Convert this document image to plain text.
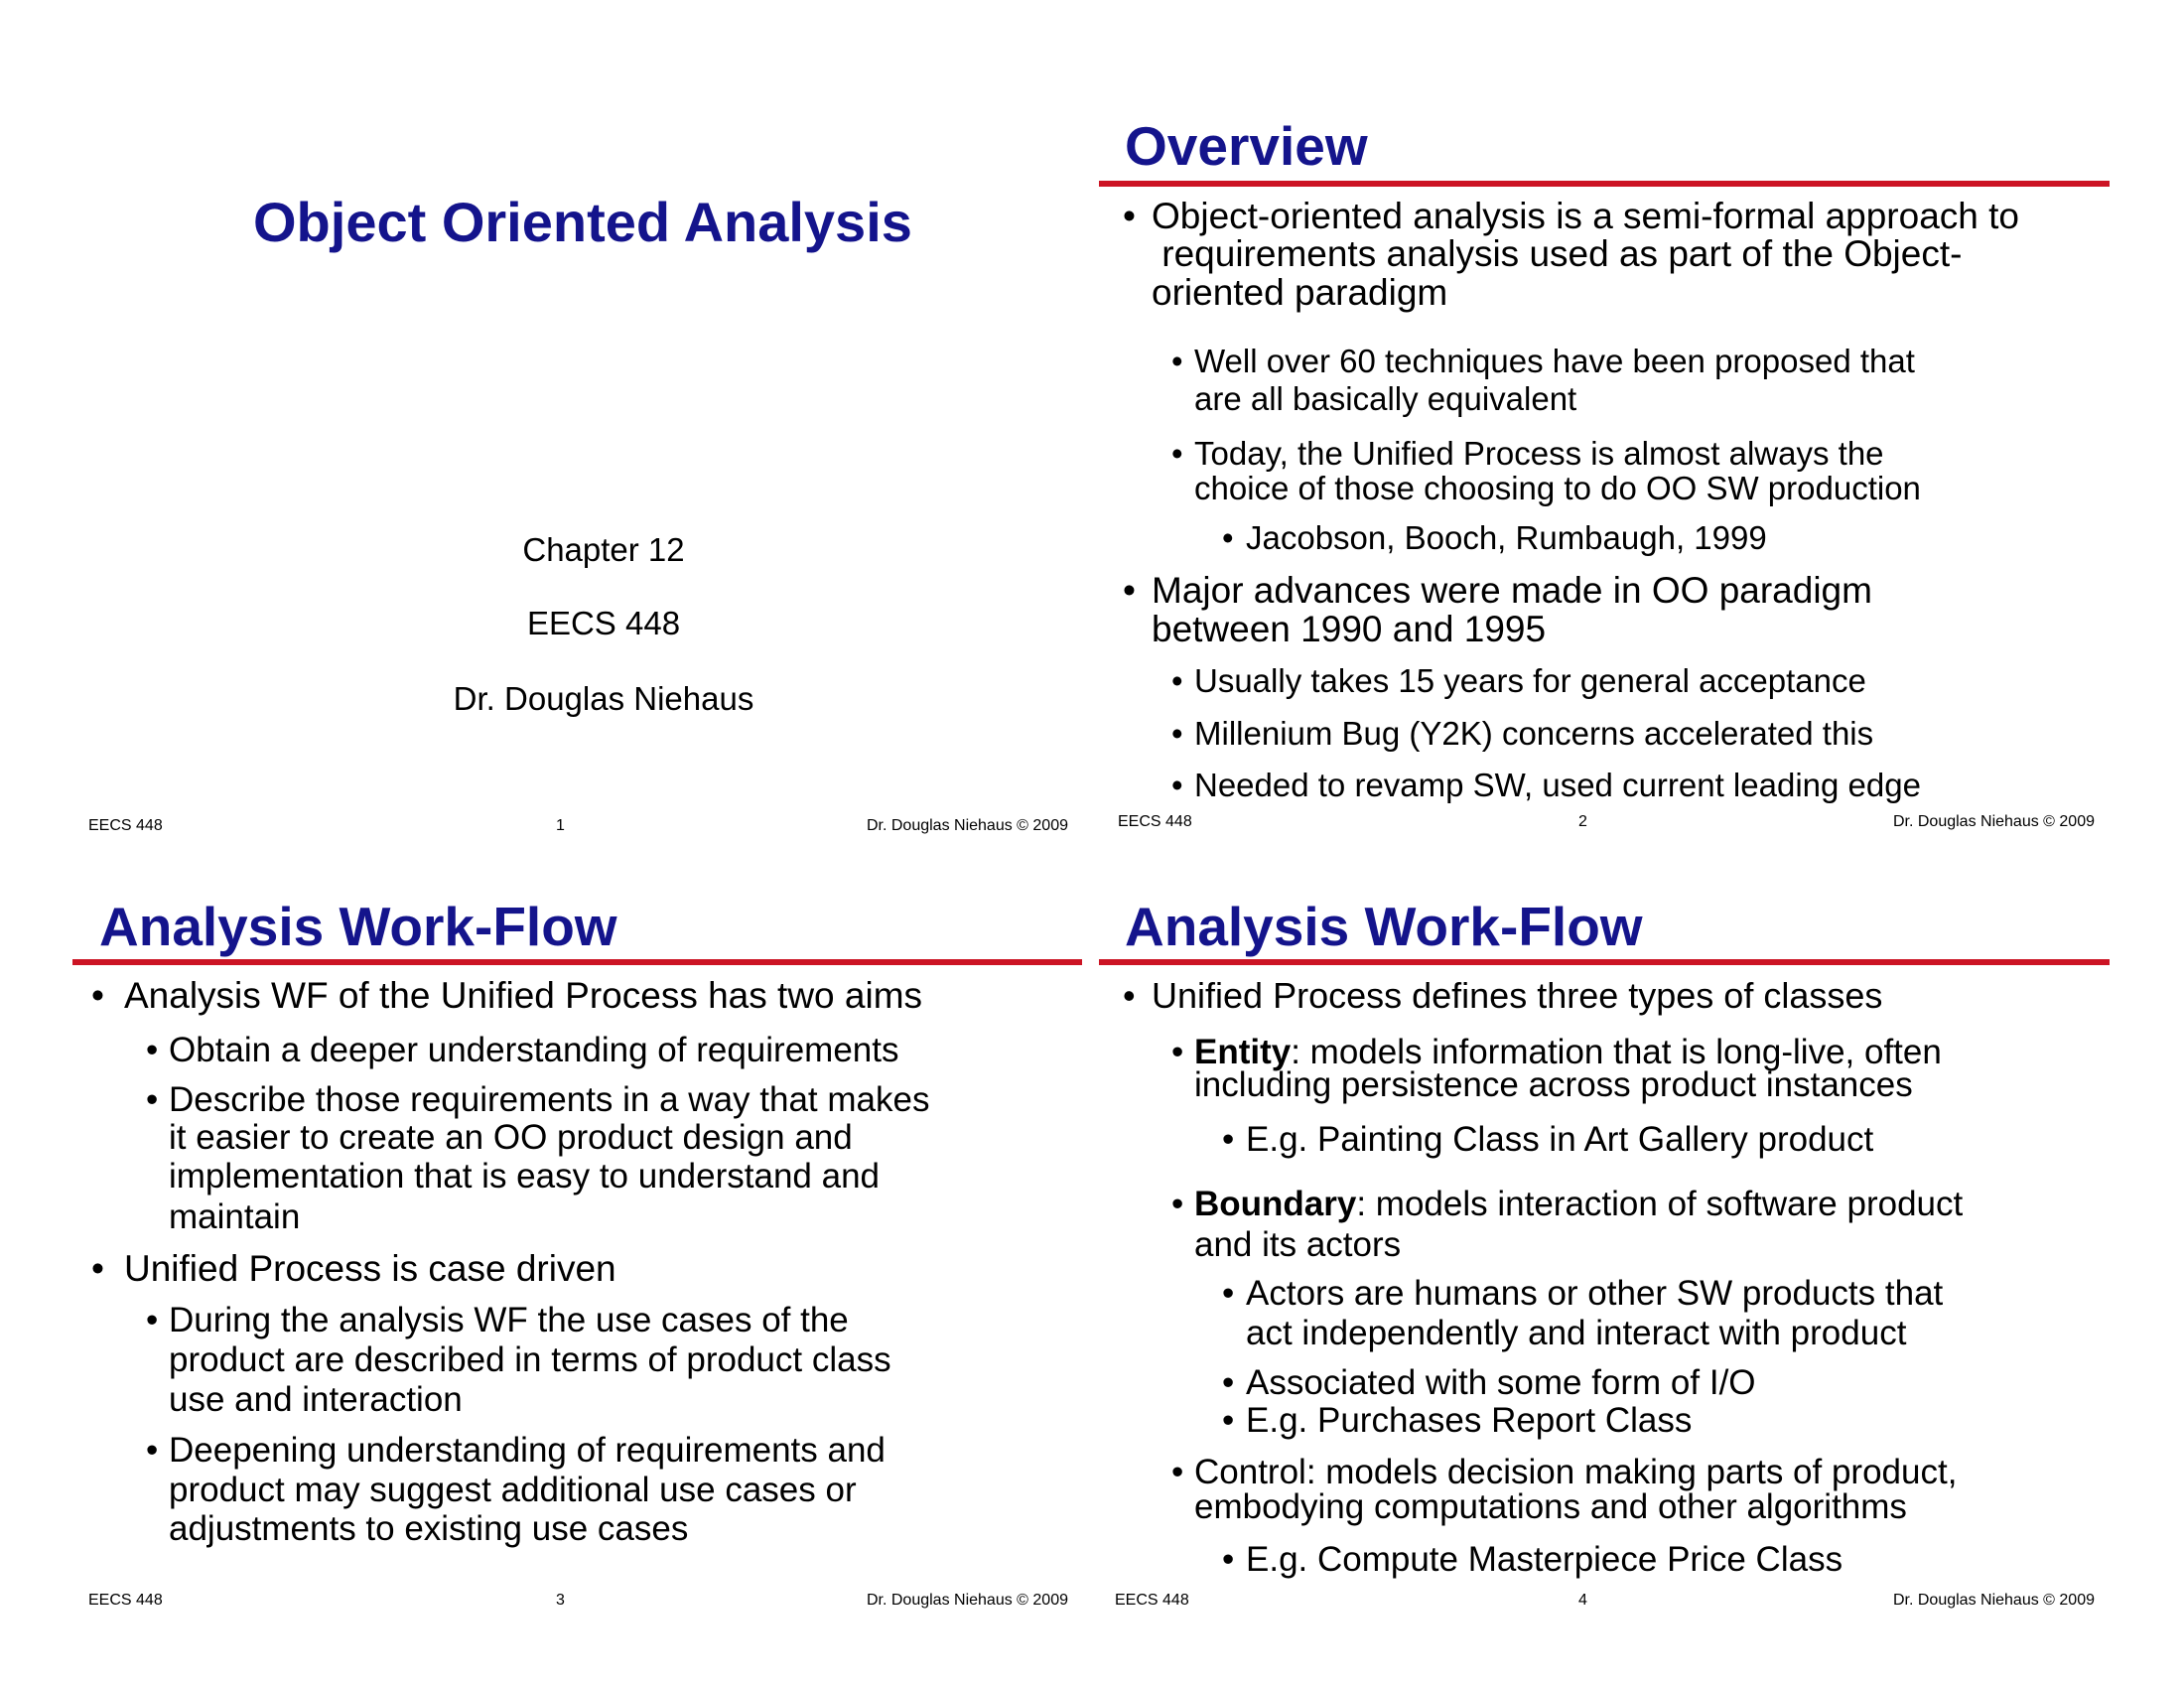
Object Oriented Analysis
Chapter 12
EECS 448
Dr. Douglas Niehaus
EECS 448	1	Dr. Douglas Niehaus © 2009
Overview
• Object-oriented analysis is a semi-formal approach to
requirements analysis used as part of the Object-
oriented paradigm
• Well over 60 techniques have been proposed that
are all basically equivalent
• Today, the Unified Process is almost always the
choice of those choosing to do OO SW production
• Jacobson, Booch, Rumbaugh, 1999
• Major advances were made in OO paradigm
between 1990 and 1995
• Usually takes 15 years for general acceptance
• Millenium Bug (Y2K) concerns accelerated this
• Needed to revamp SW, used current leading edge
EECS 448	2	Dr. Douglas Niehaus © 2009
Analysis Work-Flow
• Analysis WF of the Unified Process has two aims
• Obtain a deeper understanding of requirements
• Describe those requirements in a way that makes
it easier to create an OO product design and
implementation that is easy to understand and
maintain
• Unified Process is case driven
• During the analysis WF the use cases of the
product are described in terms of product class
use and interaction
• Deepening understanding of requirements and
product may suggest additional use cases or
adjustments to existing use cases
EECS 448	3	Dr. Douglas Niehaus © 2009
Analysis Work-Flow
• Unified Process defines three types of classes
• Entity: models information that is long-live, often
including persistence across product instances
• E.g. Painting Class in Art Gallery product
• Boundary: models interaction of software product
and its actors
• Actors are humans or other SW products that
act independently and interact with product
• Associated with some form of I/O
• E.g. Purchases Report Class
• Control: models decision making parts of product,
embodying computations and other algorithms
• E.g. Compute Masterpiece Price Class
EECS 448	4	Dr. Douglas Niehaus © 2009
